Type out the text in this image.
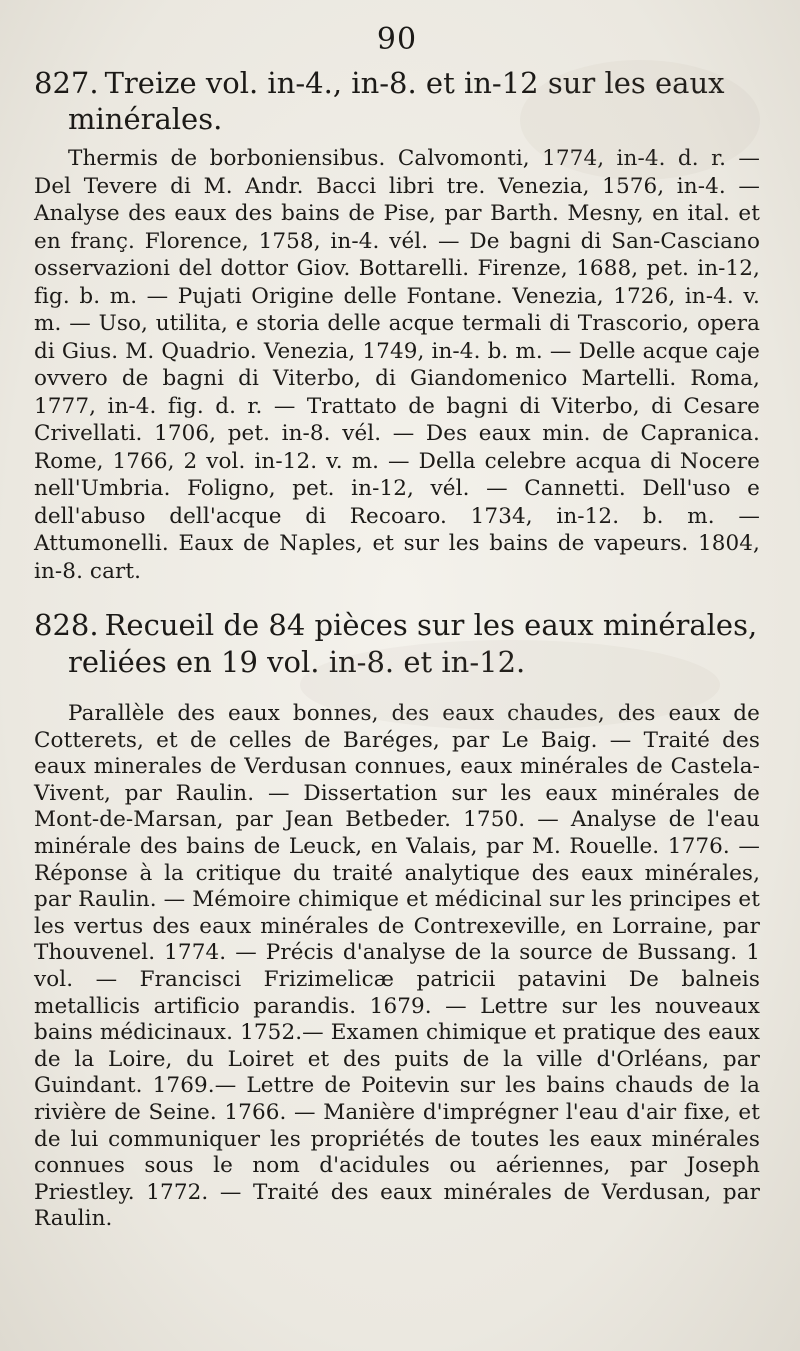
90

827. Treize vol. in-4., in-8. et in-12 sur les eaux minérales.

Thermis de borboniensibus. Calvomonti, 1774, in-4. d. r. — Del Tevere di M. Andr. Bacci libri tre. Venezia, 1576, in-4. — Analyse des eaux des bains de Pise, par Barth. Mesny, en ital. et en franç. Florence, 1758, in-4. vél. — De bagni di San-Casciano osservazioni del dottor Giov. Bottarelli. Firenze, 1688, pet. in-12, fig. b. m. — Pujati Origine delle Fontane. Venezia, 1726, in-4. v. m. — Uso, utilita, e storia delle acque termali di Trascorio, opera di Gius. M. Quadrio. Venezia, 1749, in-4. b. m. — Delle acque caje ovvero de bagni di Viterbo, di Giandomenico Martelli. Roma, 1777, in-4. fig. d. r. — Trattato de bagni di Viterbo, di Cesare Crivellati. 1706, pet. in-8. vél. — Des eaux min. de Capranica. Rome, 1766, 2 vol. in-12. v. m. — Della celebre acqua di Nocere nell'Umbria. Foligno, pet. in-12, vél. — Cannetti. Dell'uso e dell'abuso dell'acque di Recoaro. 1734, in-12. b. m. — Attumonelli. Eaux de Naples, et sur les bains de vapeurs. 1804, in-8. cart.

828. Recueil de 84 pièces sur les eaux minérales, reliées en 19 vol. in-8. et in-12.

Parallèle des eaux bonnes, des eaux chaudes, des eaux de Cotterets, et de celles de Baréges, par Le Baig. — Traité des eaux minerales de Verdusan connues, eaux minérales de Castela-Vivent, par Raulin. — Dissertation sur les eaux minérales de Mont-de-Marsan, par Jean Betbeder. 1750. — Analyse de l'eau minérale des bains de Leuck, en Valais, par M. Rouelle. 1776. — Réponse à la critique du traité analytique des eaux minérales, par Raulin. — Mémoire chimique et médicinal sur les principes et les vertus des eaux minérales de Contrexeville, en Lorraine, par Thouvenel. 1774. — Précis d'analyse de la source de Bussang. 1 vol. — Francisci Frizimelicæ patricii patavini De balneis metallicis artificio parandis. 1679. — Lettre sur les nouveaux bains médicinaux. 1752.— Examen chimique et pratique des eaux de la Loire, du Loiret et des puits de la ville d'Orléans, par Guindant. 1769.— Lettre de Poitevin sur les bains chauds de la rivière de Seine. 1766. — Manière d'imprégner l'eau d'air fixe, et de lui communiquer les propriétés de toutes les eaux minérales connues sous le nom d'acidules ou aériennes, par Joseph Priestley. 1772. — Traité des eaux minérales de Verdusan, par Raulin.
